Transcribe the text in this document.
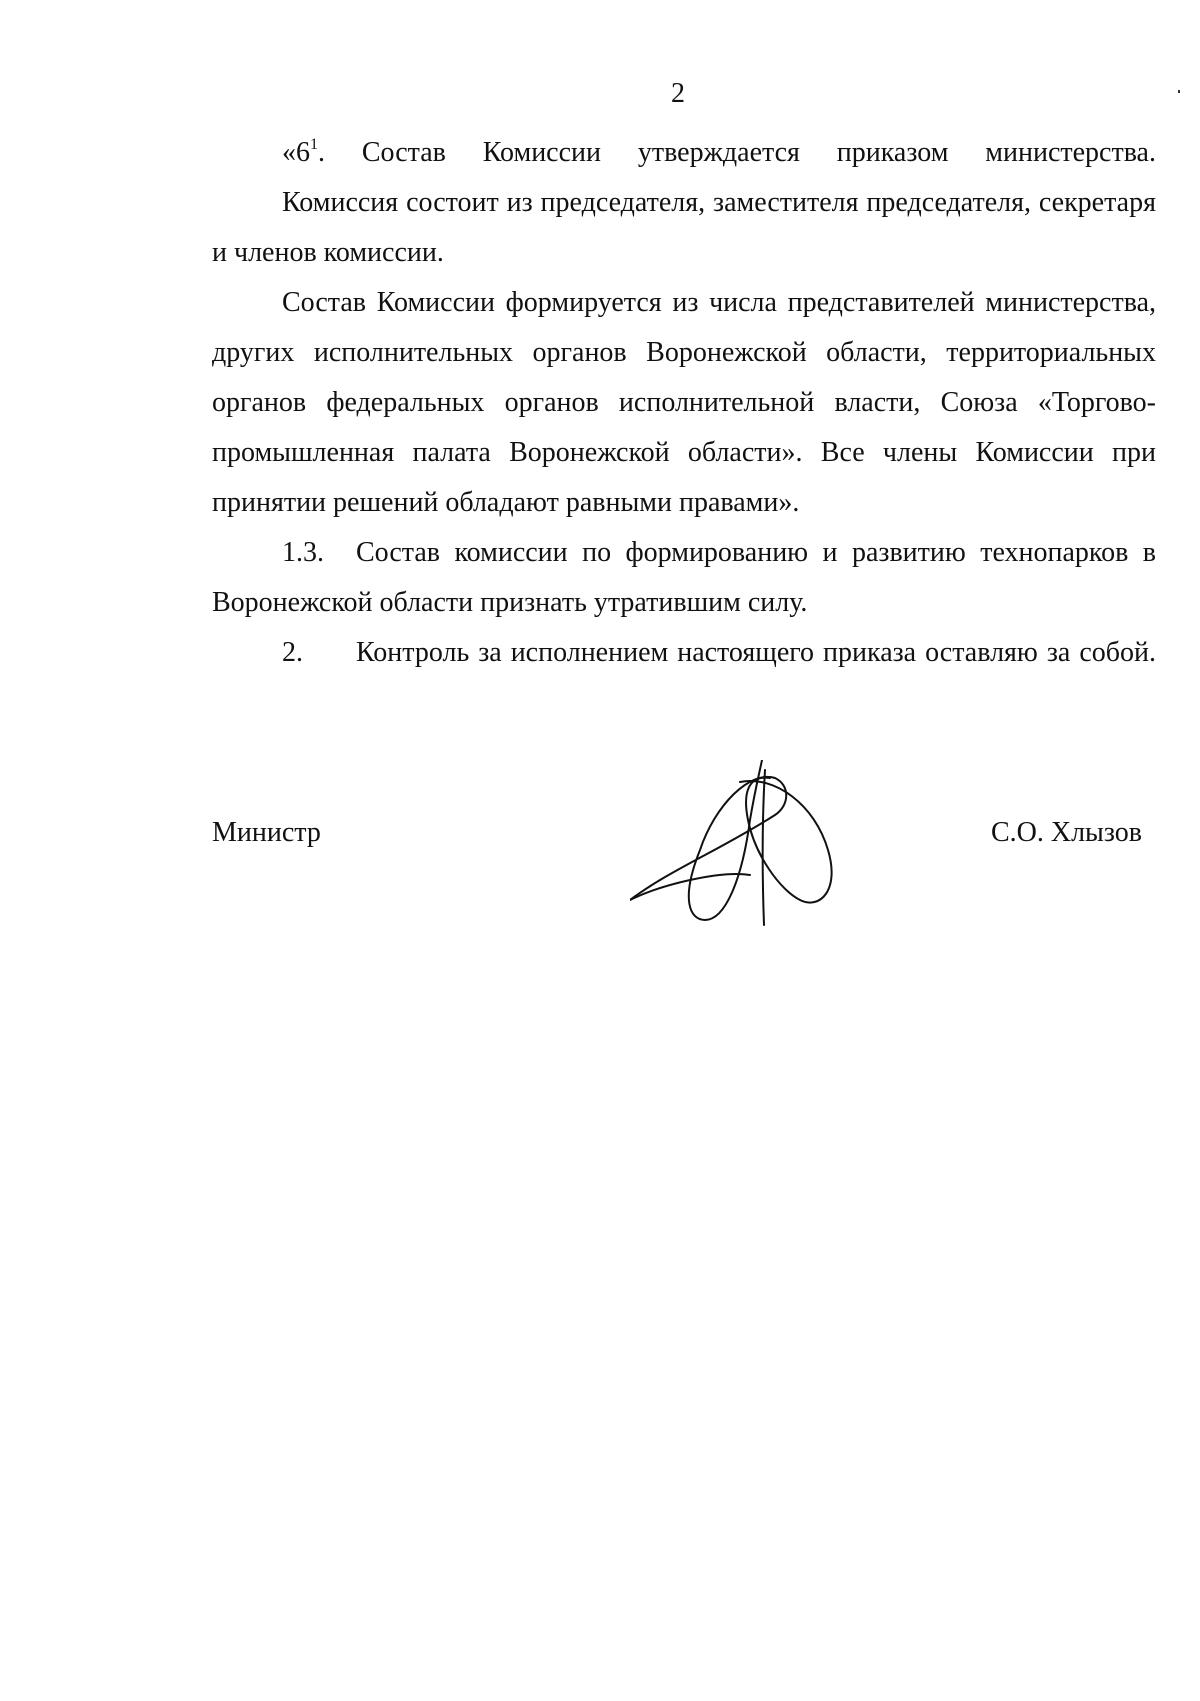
2

«$6^1$. Состав Комиссии утверждается приказом министерства.

Комиссия состоит из председателя, заместителя председателя, секретаря и членов комиссии.

Состав Комиссии формируется из числа представителей министерства, других исполнительных органов Воронежской области, территориальных органов федеральных органов исполнительной власти, Союза «Торгово-промышленная палата Воронежской области». Все члены Комиссии при принятии решений обладают равными правами».

1.3. Состав комиссии по формированию и развитию технопарков в

Воронежской области признать утратившим силу.

2. Контроль за исполнением настоящего приказа оставляю за собой.

Министр	С.О. Хлызов
